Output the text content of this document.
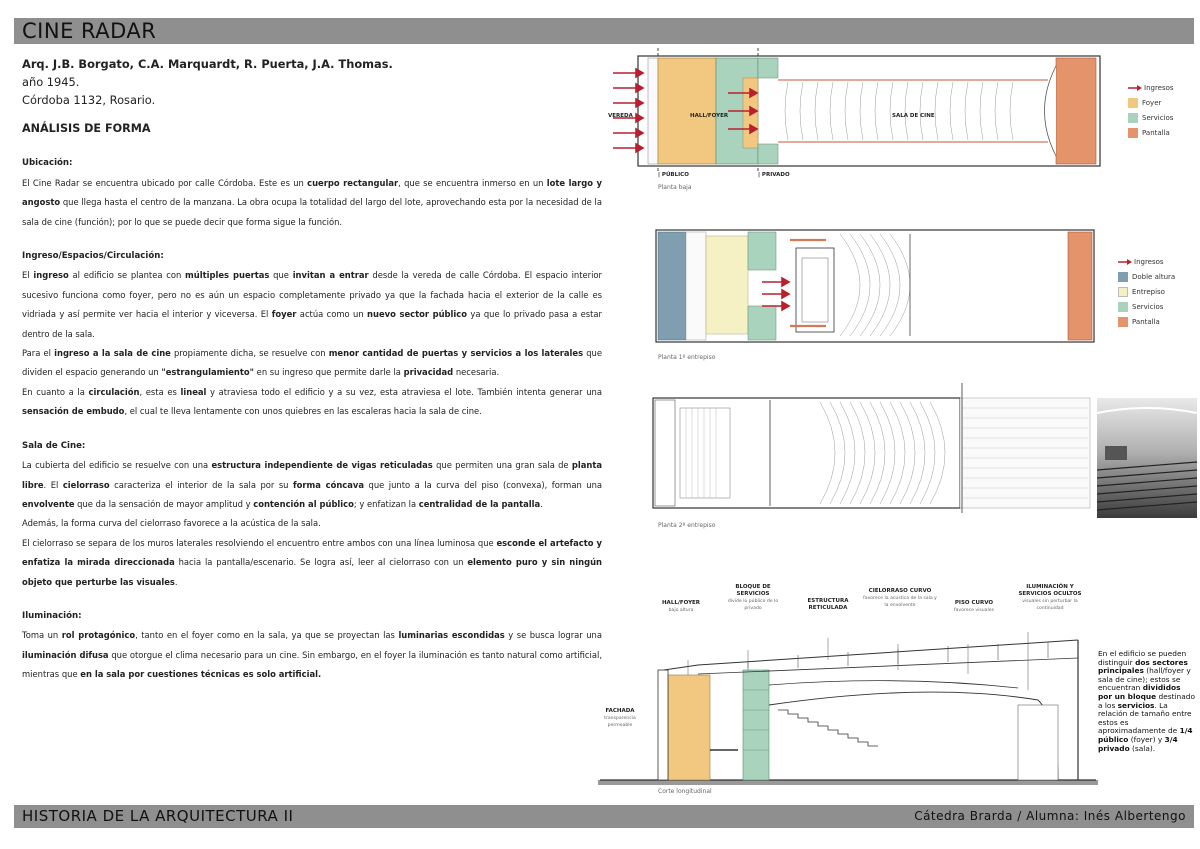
CINE RADAR
Arq. J.B. Borgato, C.A. Marquardt, R. Puerta, J.A. Thomas.
año 1945.
Córdoba 1132, Rosario.
ANÁLISIS DE FORMA
Ubicación:

El Cine Radar se encuentra ubicado por calle Córdoba. Este es un cuerpo rectangular, que se encuentra inmerso en un lote largo y angosto que llega hasta el centro de la manzana. La obra ocupa la totalidad del largo del lote, aprovechando esta por la necesidad de la sala de cine (función); por lo que se puede decir que forma sigue la función.

Ingreso/Espacios/Circulación:

El ingreso al edificio se plantea con múltiples puertas que invitan a entrar desde la vereda de calle Córdoba. El espacio interior sucesivo funciona como foyer, pero no es aún un espacio completamente privado ya que la fachada hacia el exterior de la calle es vidriada y así permite ver hacia el interior y viceversa. El foyer actúa como un nuevo sector público ya que lo privado pasa a estar dentro de la sala.

Para el ingreso a la sala de cine propiamente dicha, se resuelve con menor cantidad de puertas y servicios a los laterales que dividen el espacio generando un "estrangulamiento" en su ingreso que permite darle la privacidad necesaria.

En cuanto a la circulación, esta es lineal y atraviesa todo el edificio y a su vez, esta atraviesa el lote. También intenta generar una sensación de embudo, el cual te lleva lentamente con unos quiebres en las escaleras hacia la sala de cine.

Sala de Cine:

La cubierta del edificio se resuelve con una estructura independiente de vigas reticuladas que permiten una gran sala de planta libre. El cielorraso caracteriza el interior de la sala por su forma cóncava que junto a la curva del piso (convexa), forman una envolvente que da la sensación de mayor amplitud y contención al público; y enfatizan la centralidad de la pantalla.

Además, la forma curva del cielorraso favorece a la acústica de la sala.

El cielorraso se separa de los muros laterales resolviendo el encuentro entre ambos con una línea luminosa que esconde el artefacto y enfatiza la mirada direccionada hacia la pantalla/escenario. Se logra así, leer al cielorraso con un elemento puro y sin ningún objeto que perturbe las visuales.

Iluminación:

Toma un rol protagónico, tanto en el foyer como en la sala, ya que se proyectan las luminarias escondidas y se busca lograr una iluminación difusa que otorgue el clima necesario para un cine. Sin embargo, en el foyer la iluminación es tanto natural como artificial, mientras que en la sala por cuestiones técnicas es solo artificial.

VEREDA	HALL/FOYER	SALA DE CINE
| PÚBLICO	| PRIVADO
Planta baja
Ingresos
Foyer
Servicios
Pantalla
Planta 1º entrepiso
Ingresos
Doble altura
Entrepiso
Servicios
Pantalla
Planta 2º entrepiso
FACHADA
transparencia permeable
HALL/FOYER
bajo altura
BLOQUE DE SERVICIOS
divide lo público de lo privado
ESTRUCTURA RETICULADA
CIELORRASO CURVO
favorece la acústica de la sala y la envolvente	PISO CURVO
favorece visuales
ILUMINACIÓN Y SERVICIOS OCULTOS
visuales sin perturbar la continuidad
Corte longitudinal
En el edificio se pueden distinguir dos sectores principales (hall/foyer y sala de cine); estos se encuentran divididos por un bloque destinado a los servicios. La relación de tamaño entre estos es aproximadamente de 1/4 público (foyer) y 3/4 privado (sala).
HISTORIA DE LA ARQUITECTURA II	Cátedra Brarda / Alumna: Inés Albertengo
